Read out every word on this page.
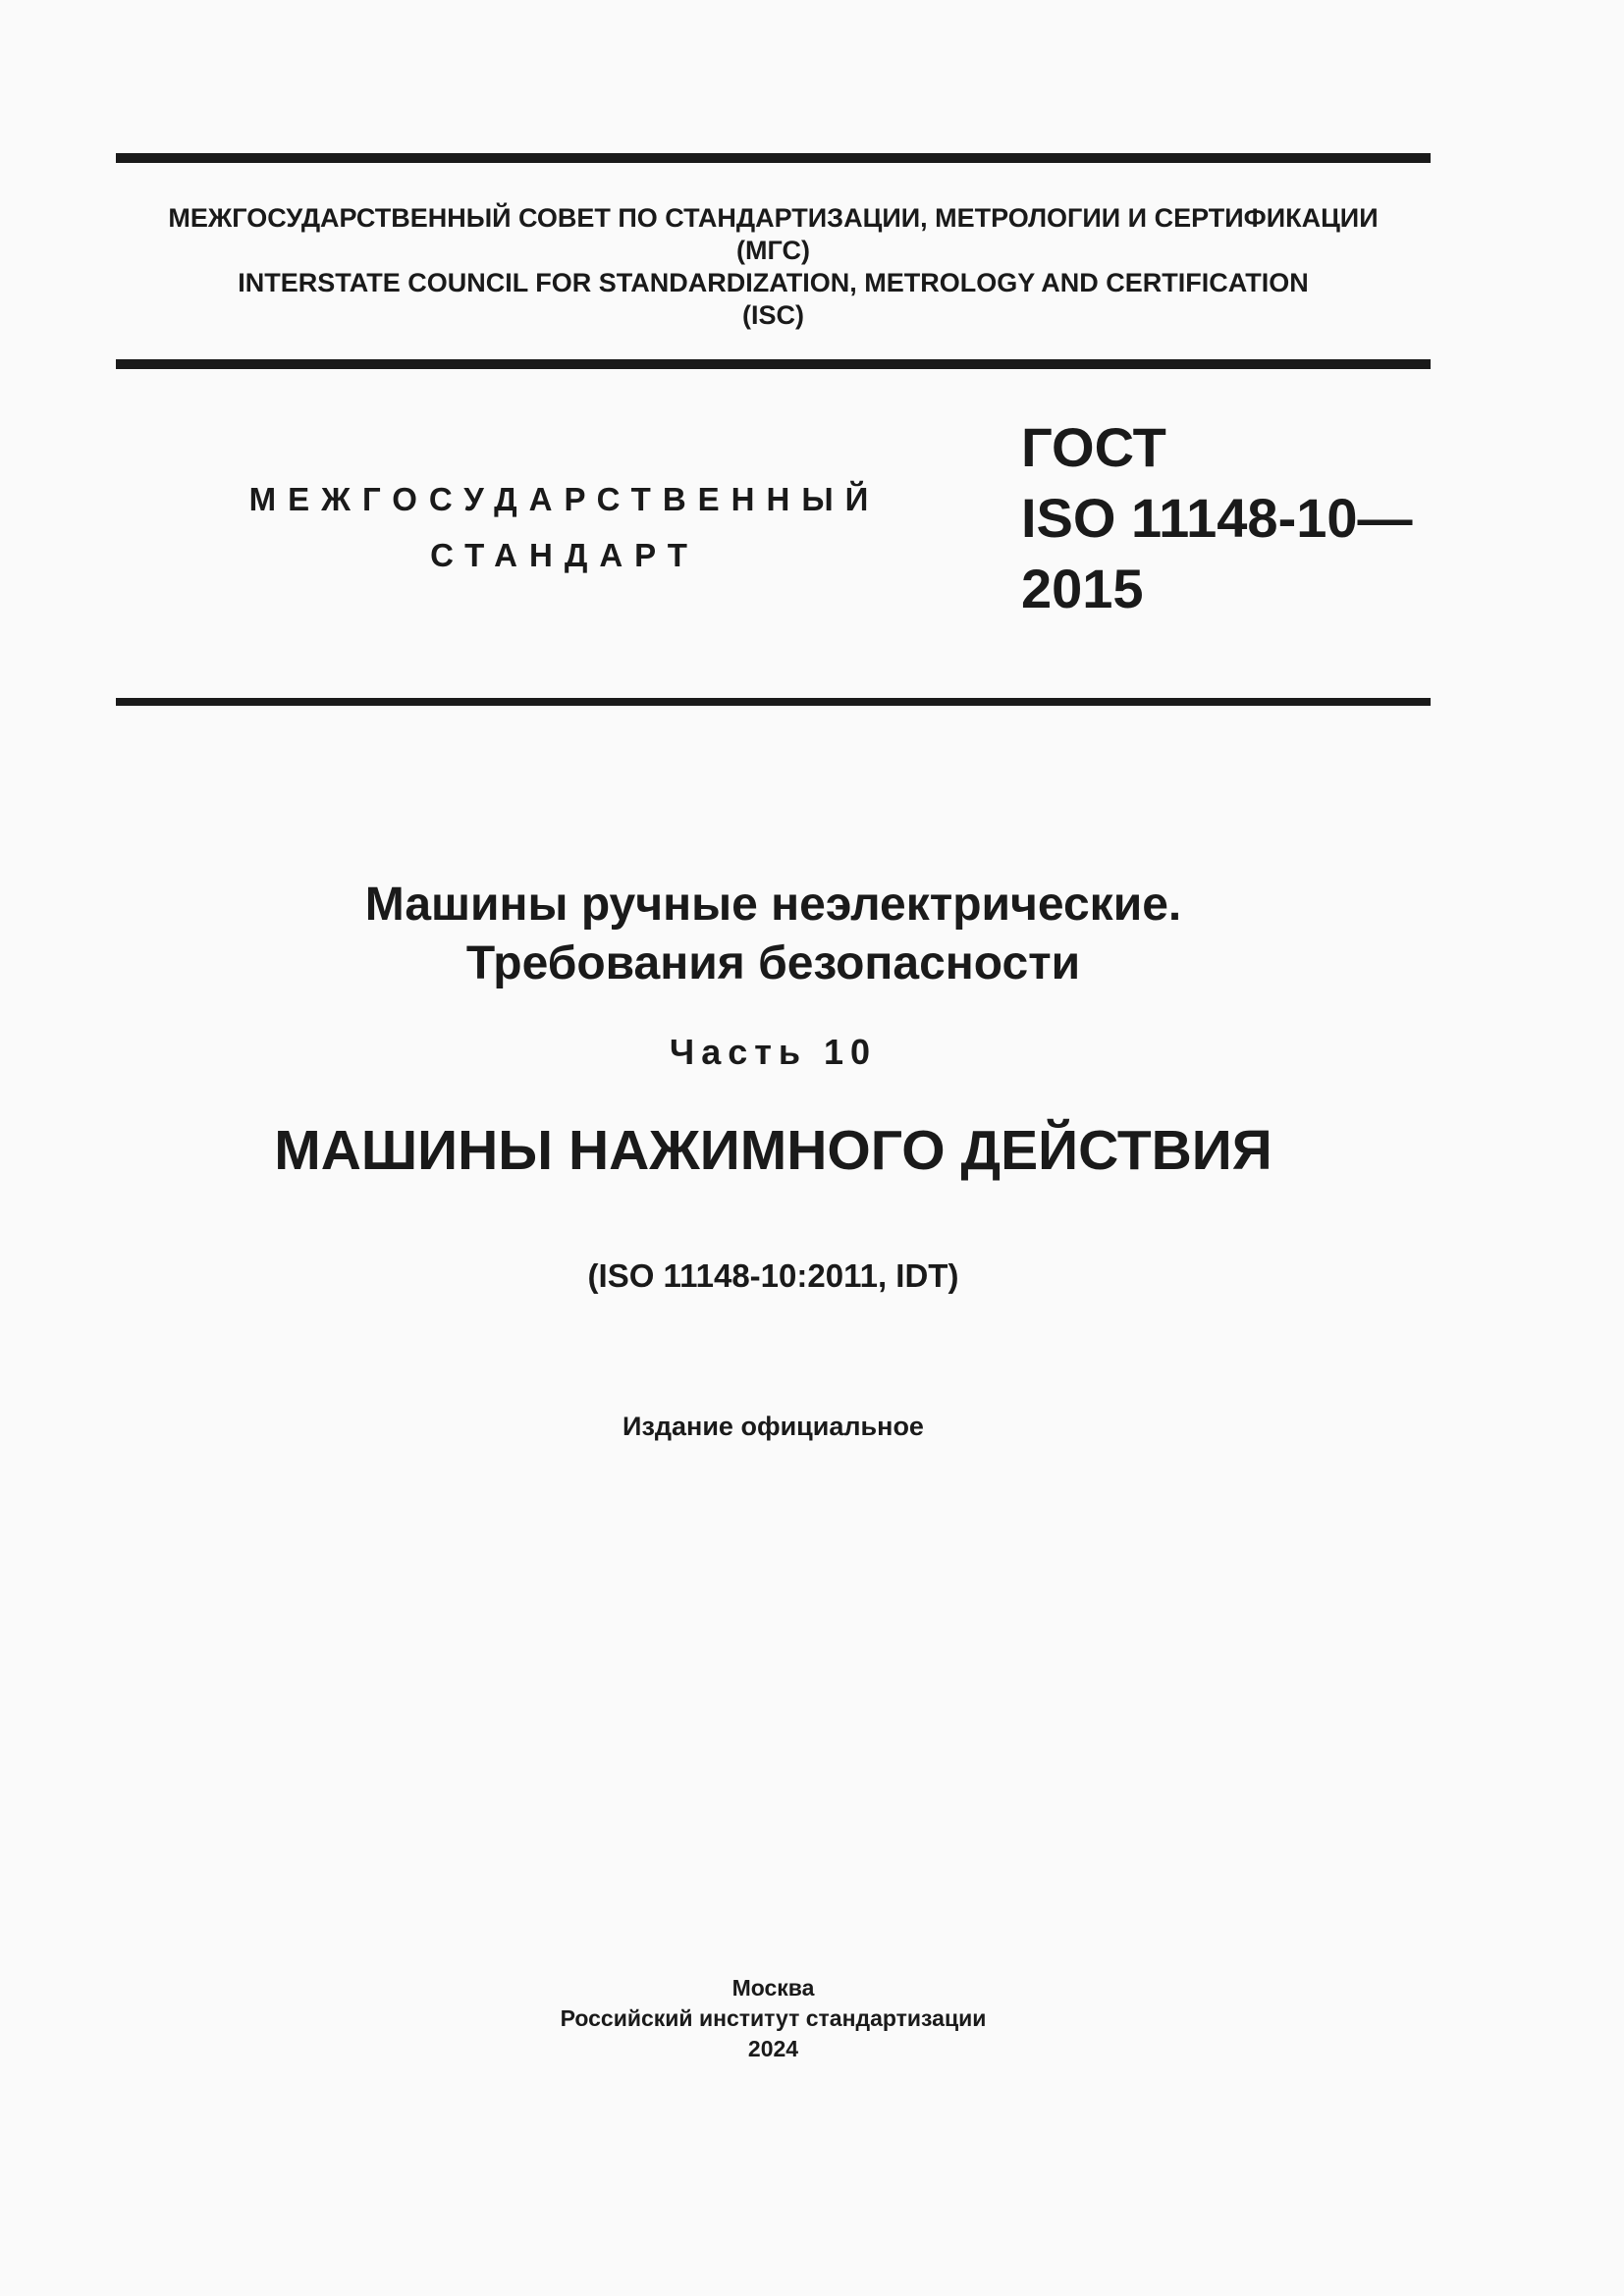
МЕЖГОСУДАРСТВЕННЫЙ СОВЕТ ПО СТАНДАРТИЗАЦИИ, МЕТРОЛОГИИ И СЕРТИФИКАЦИИ
(МГС)
INTERSTATE COUNCIL FOR STANDARDIZATION, METROLOGY AND CERTIFICATION
(ISC)
МЕЖГОСУДАРСТВЕННЫЙ
СТАНДАРТ
ГОСТ
ISO 11148-10—
2015
Машины ручные неэлектрические.
Требования безопасности
Часть 10
МАШИНЫ НАЖИМНОГО ДЕЙСТВИЯ
(ISO 11148-10:2011, IDT)
Издание официальное
Москва
Российский институт стандартизации
2024
